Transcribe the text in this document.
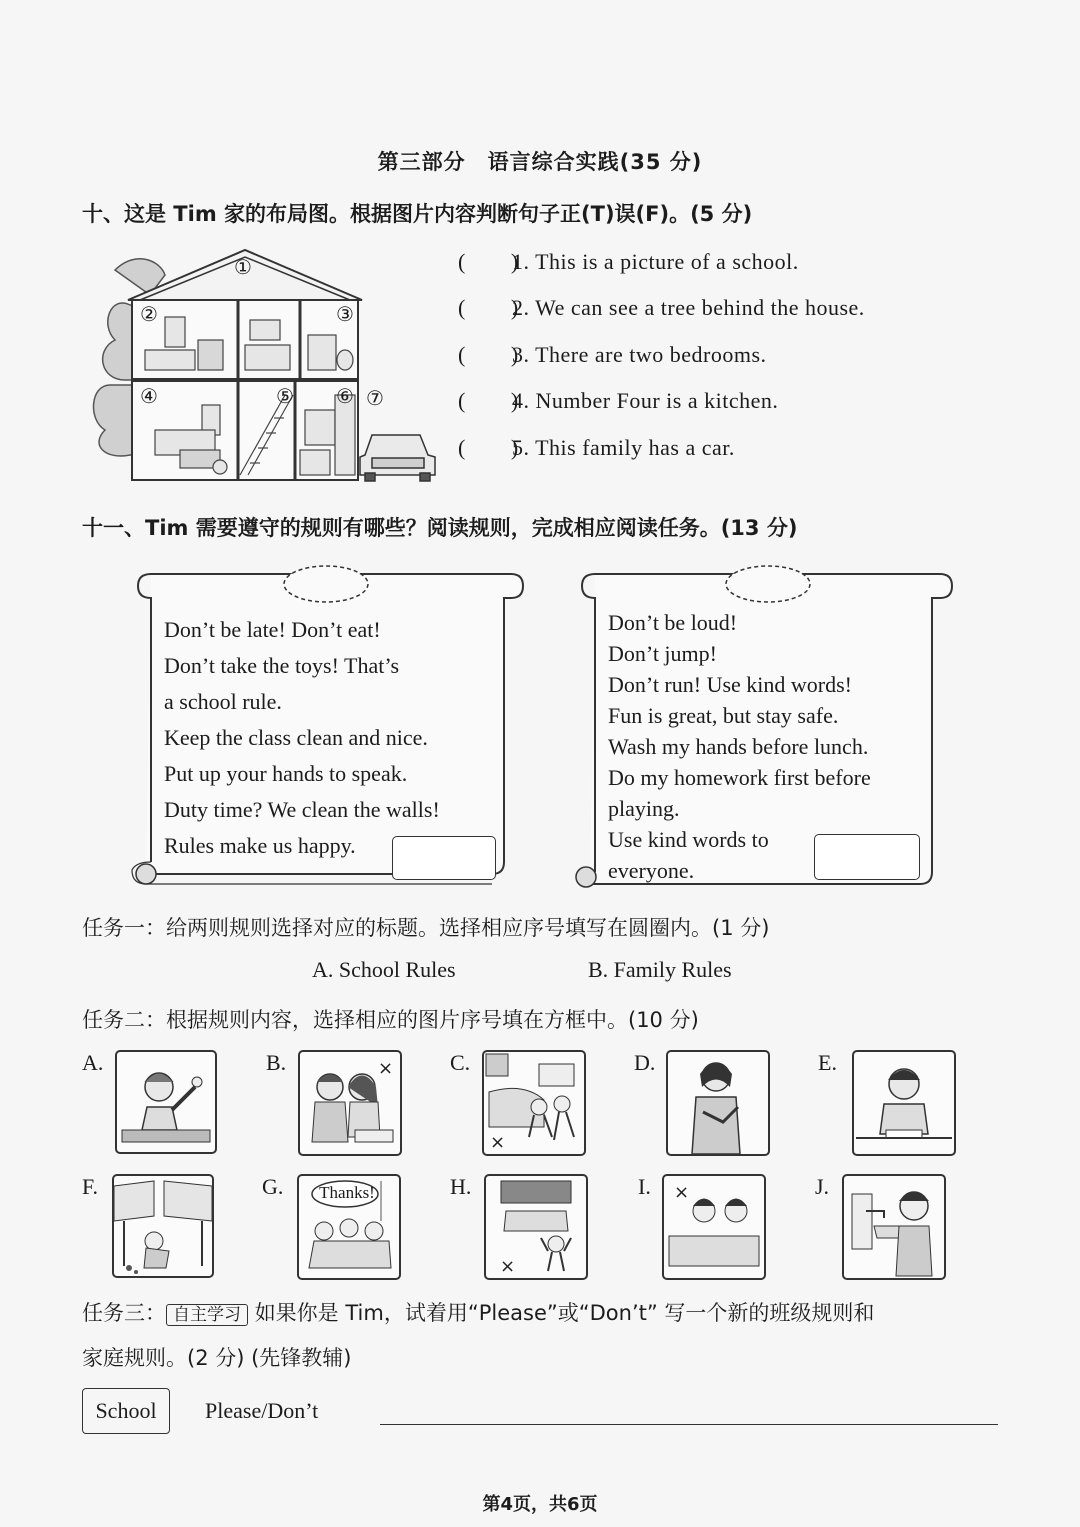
第三部分　语言综合实践(35 分)
十、这是 Tim 家的布局图。根据图片内容判断句子正(T)误(F)。(5 分)
①
②	③
④	⑤ ⑥ ⑦
(　　)1. This is a picture of a school.
(　　)2. We can see a tree behind the house.
(　　)3. There are two bedrooms.
(　　)4. Number Four is a kitchen.
(　　)5. This family has a car.
十一、Tim 需要遵守的规则有哪些？阅读规则，完成相应阅读任务。(13 分)
Don’t be late! Don’t eat!
Don’t take the toys! That’s
a school rule.
Keep the class clean and nice.
Put up your hands to speak.
Duty time? We clean the walls!
Rules make us happy.
Don’t be loud!
Don’t jump!
Don’t run! Use kind words!
Fun is great, but stay safe.
Wash my hands before lunch.
Do my homework first before
playing.
Use kind words to
everyone.
任务一：给两则规则选择对应的标题。选择相应序号填写在圆圈内。(1 分)
A. School Rules	B. Family Rules
任务二：根据规则内容，选择相应的图片序号填在方框中。(10 分)
A.	B.	C.	D.	E.
×
×
F.	G.	H.	I.	J.
Thanks!
×
×
任务三： 自主学习 如果你是 Tim，试着用“Please”或“Don’t” 写一个新的班级规则和
家庭规则。(2 分) (先锋教辅)
School	Please/Don’t
第4页，共6页
